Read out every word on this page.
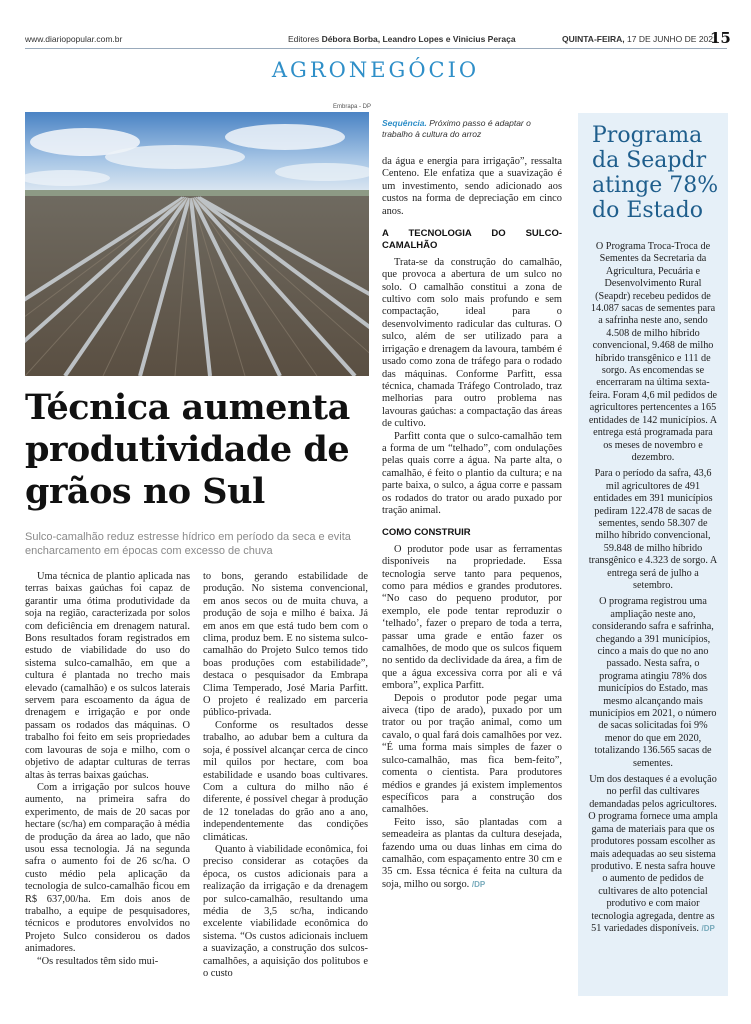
www.diariopopular.com.br	Editores Débora Borba, Leandro Lopes e Vinicius Peraça	QUINTA-FEIRA, 17 DE JUNHO DE 2021
15
AGRONEGÓCIO
Embrapa - DP
Técnica aumenta produtividade de grãos no Sul
Sulco-camalhão reduz estresse hídrico em período da seca e evita encharcamento em épocas com excesso de chuva

Uma técnica de plantio aplicada nas terras baixas gaúchas foi capaz de garantir uma ótima produtividade da soja na região, caracterizada por solos com deficiência em drenagem natural. Bons resultados foram registrados em estudo de viabilidade do uso do sistema sulco-camalhão, em que a cultura é plantada no trecho mais elevado (camalhão) e os sulcos laterais servem para escoamento da água de drenagem e irrigação e por onde passam os rodados das máquinas. O trabalho foi feito em seis propriedades com lavouras de soja e milho, com o objetivo de adaptar culturas de terras altas às terras baixas gaúchas.

Com a irrigação por sulcos houve aumento, na primeira safra do experimento, de mais de 20 sacas por hectare (sc/ha) em comparação à média de produção da área ao lado, que não usou essa tecnologia. Já na segunda safra o aumento foi de 26 sc/ha. O custo médio pela aplicação da tecnologia de sulco-camalhão ficou em R$ 637,00/ha. Em dois anos de trabalho, a equipe de pesquisadores, técnicos e produtores envolvidos no Projeto Sulco considerou os dados animadores.

“Os resultados têm sido mui-

to bons, gerando estabilidade de produção. No sistema convencional, em anos secos ou de muita chuva, a produção de soja e milho é baixa. Já em anos em que está tudo bem com o clima, produz bem. E no sistema sulco-camalhão do Projeto Sulco temos tido boas produções com estabilidade”, destaca o pesquisador da Embrapa Clima Temperado, José Maria Parfitt. O projeto é realizado em parceria público-privada.

Conforme os resultados desse trabalho, ao adubar bem a cultura da soja, é possível alcançar cerca de cinco mil quilos por hectare, com boa estabilidade e usando boas cultivares. Com a cultura do milho não é diferente, é possível chegar à produção de 12 toneladas do grão ano a ano, independentemente das condições climáticas.

Quanto à viabilidade econômica, foi preciso considerar as cotações da época, os custos adicionais para a realização da irrigação e da drenagem por sulco-camalhão, resultando uma média de 3,5 sc/ha, indicando excelente viabilidade econômica do sistema. “Os custos adicionais incluem a suavização, a construção dos sulcos-camalhões, a aquisição dos politubos e o custo

Sequência. Próximo passo é adaptar o trabalho à cultura do arroz

da água e energia para irrigação”, ressalta Centeno. Ele enfatiza que a suavização é um investimento, sendo adicionado aos custos na forma de depreciação em cinco anos.

A TECNOLOGIA DO SULCO-CAMALHÃO

Trata-se da construção do camalhão, que provoca a abertura de um sulco no solo. O camalhão constitui a zona de cultivo com solo mais profundo e sem compactação, ideal para o desenvolvimento radicular das culturas. O sulco, além de ser utilizado para a irrigação e drenagem da lavoura, também é usado como zona de tráfego para o rodado das máquinas. Conforme Parfitt, essa técnica, chamada Tráfego Controlado, traz melhorias para outro problema nas lavouras gaúchas: a compactação das áreas de cultivo.

Parfitt conta que o sulco-camalhão tem a forma de um “telhado”, com ondulações pelas quais corre a água. Na parte alta, o camalhão, é feito o plantio da cultura; e na parte baixa, o sulco, a água corre e passam os rodados do trator ou arado puxado por tração animal.

COMO CONSTRUIR

O produtor pode usar as ferramentas disponíveis na propriedade. Essa tecnologia serve tanto para pequenos, como para médios e grandes produtores. “No caso do pequeno produtor, por exemplo, ele pode tentar reproduzir o ‘telhado’, fazer o preparo de toda a terra, passar uma grade e então fazer os camalhões, de modo que os sulcos fiquem no sentido da declividade da área, a fim de que a água excessiva corra por ali e vá embora”, explica Parfitt.

Depois o produtor pode pegar uma aiveca (tipo de arado), puxado por um trator ou por tração animal, como um cavalo, o qual fará dois camalhões por vez. “É uma forma mais simples de fazer o sulco-camalhão, mas fica bem-feito”, comenta o cientista. Para produtores médios e grandes já existem implementos específicos para a construção dos camalhões.

Feito isso, são plantadas com a semeadeira as plantas da cultura desejada, fazendo uma ou duas linhas em cima do camalhão, com espaçamento entre 30 cm e 35 cm. Essa técnica é feita na cultura da soja, milho ou sorgo. /DP

Programa da Seapdr atinge 78% do Estado

O Programa Troca-Troca de Sementes da Secretaria da Agricultura, Pecuária e Desenvolvimento Rural (Seapdr) recebeu pedidos de 14.087 sacas de sementes para a safrinha neste ano, sendo 4.508 de milho híbrido convencional, 9.468 de milho híbrido transgênico e 111 de sorgo. As encomendas se encerraram na última sexta-feira. Foram 4,6 mil pedidos de agricultores pertencentes a 165 entidades de 142 municípios. A entrega está programada para os meses de novembro e dezembro.

Para o período da safra, 43,6 mil agricultores de 491 entidades em 391 municípios pediram 122.478 de sacas de sementes, sendo 58.307 de milho híbrido convencional, 59.848 de milho híbrido transgênico e 4.323 de sorgo. A entrega será de julho a setembro.

O programa registrou uma ampliação neste ano, considerando safra e safrinha, chegando a 391 municípios, cinco a mais do que no ano passado. Nesta safra, o programa atingiu 78% dos municípios do Estado, mas mesmo alcançando mais municípios em 2021, o número de sacas solicitadas foi 9% menor do que em 2020, totalizando 136.565 sacas de sementes.

Um dos destaques é a evolução no perfil das cultivares demandadas pelos agricultores. O programa fornece uma ampla gama de materiais para que os produtores possam escolher as mais adequadas ao seu sistema produtivo. E nesta safra houve o aumento de pedidos de cultivares de alto potencial produtivo e com maior tecnologia agregada, dentre as 51 variedades disponíveis. /DP
